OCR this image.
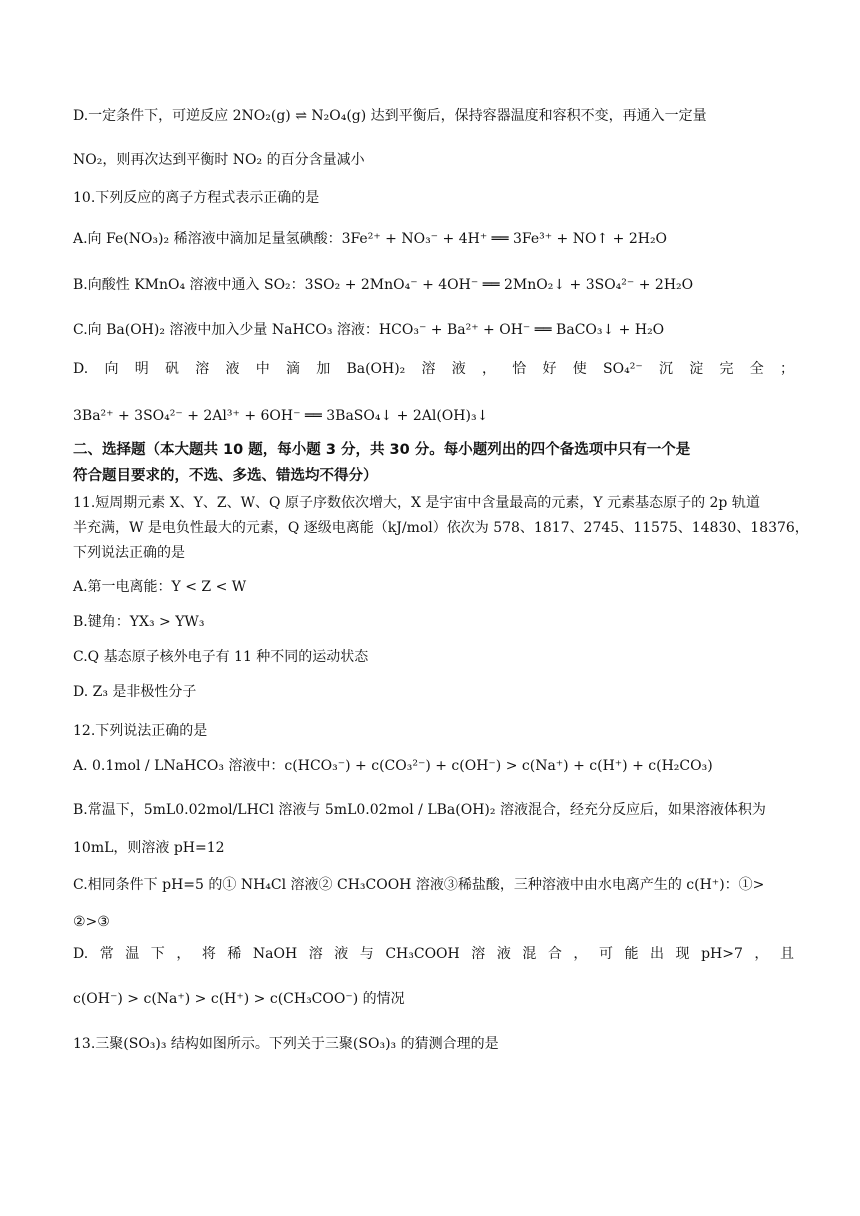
D.一定条件下，可逆反应 2NO₂(g) ⇌ N₂O₄(g) 达到平衡后，保持容器温度和容积不变，再通入一定量
NO₂，则再次达到平衡时 NO₂ 的百分含量减小
10.下列反应的离子方程式表示正确的是
A.向 Fe(NO₃)₂ 稀溶液中滴加足量氢碘酸：3Fe²⁺ + NO₃⁻ + 4H⁺ ══ 3Fe³⁺ + NO↑ + 2H₂O
B.向酸性 KMnO₄ 溶液中通入 SO₂：3SO₂ + 2MnO₄⁻ + 4OH⁻ ══ 2MnO₂↓ + 3SO₄²⁻ + 2H₂O
C.向 Ba(OH)₂ 溶液中加入少量 NaHCO₃ 溶液：HCO₃⁻ + Ba²⁺ + OH⁻ ══ BaCO₃↓ + H₂O
D. 向 明 矾 溶 液 中 滴 加 Ba(OH)₂ 溶 液 ， 恰 好 使 SO₄²⁻ 沉 淀 完 全 ；
3Ba²⁺ + 3SO₄²⁻ + 2Al³⁺ + 6OH⁻ ══ 3BaSO₄↓ + 2Al(OH)₃↓
二、选择题（本大题共 10 题，每小题 3 分，共 30 分。每小题列出的四个备选项中只有一个是
符合题目要求的，不选、多选、错选均不得分）
11.短周期元素 X、Y、Z、W、Q 原子序数依次增大，X 是宇宙中含量最高的元素，Y 元素基态原子的 2p 轨道
半充满，W 是电负性最大的元素，Q 逐级电离能（kJ/mol）依次为 578、1817、2745、11575、14830、18376，
下列说法正确的是
A.第一电离能：Y < Z < W
B.键角：YX₃ > YW₃
C.Q 基态原子核外电子有 11 种不同的运动状态
D. Z₃ 是非极性分子
12.下列说法正确的是
A. 0.1mol / LNaHCO₃ 溶液中：c(HCO₃⁻) + c(CO₃²⁻) + c(OH⁻) > c(Na⁺) + c(H⁺) + c(H₂CO₃)
B.常温下，5mL0.02mol/LHCl 溶液与 5mL0.02mol / LBa(OH)₂ 溶液混合，经充分反应后，如果溶液体积为
10mL，则溶液 pH=12
C.相同条件下 pH=5 的① NH₄Cl 溶液② CH₃COOH 溶液③稀盐酸，三种溶液中由水电离产生的 c(H⁺)：①>
②>③
D. 常 温 下 ， 将 稀 NaOH 溶 液 与 CH₃COOH 溶 液 混 合 ， 可 能 出 现 pH>7 ， 且
c(OH⁻) > c(Na⁺) > c(H⁺) > c(CH₃COO⁻) 的情况
13.三聚(SO₃)₃ 结构如图所示。下列关于三聚(SO₃)₃ 的猜测合理的是
